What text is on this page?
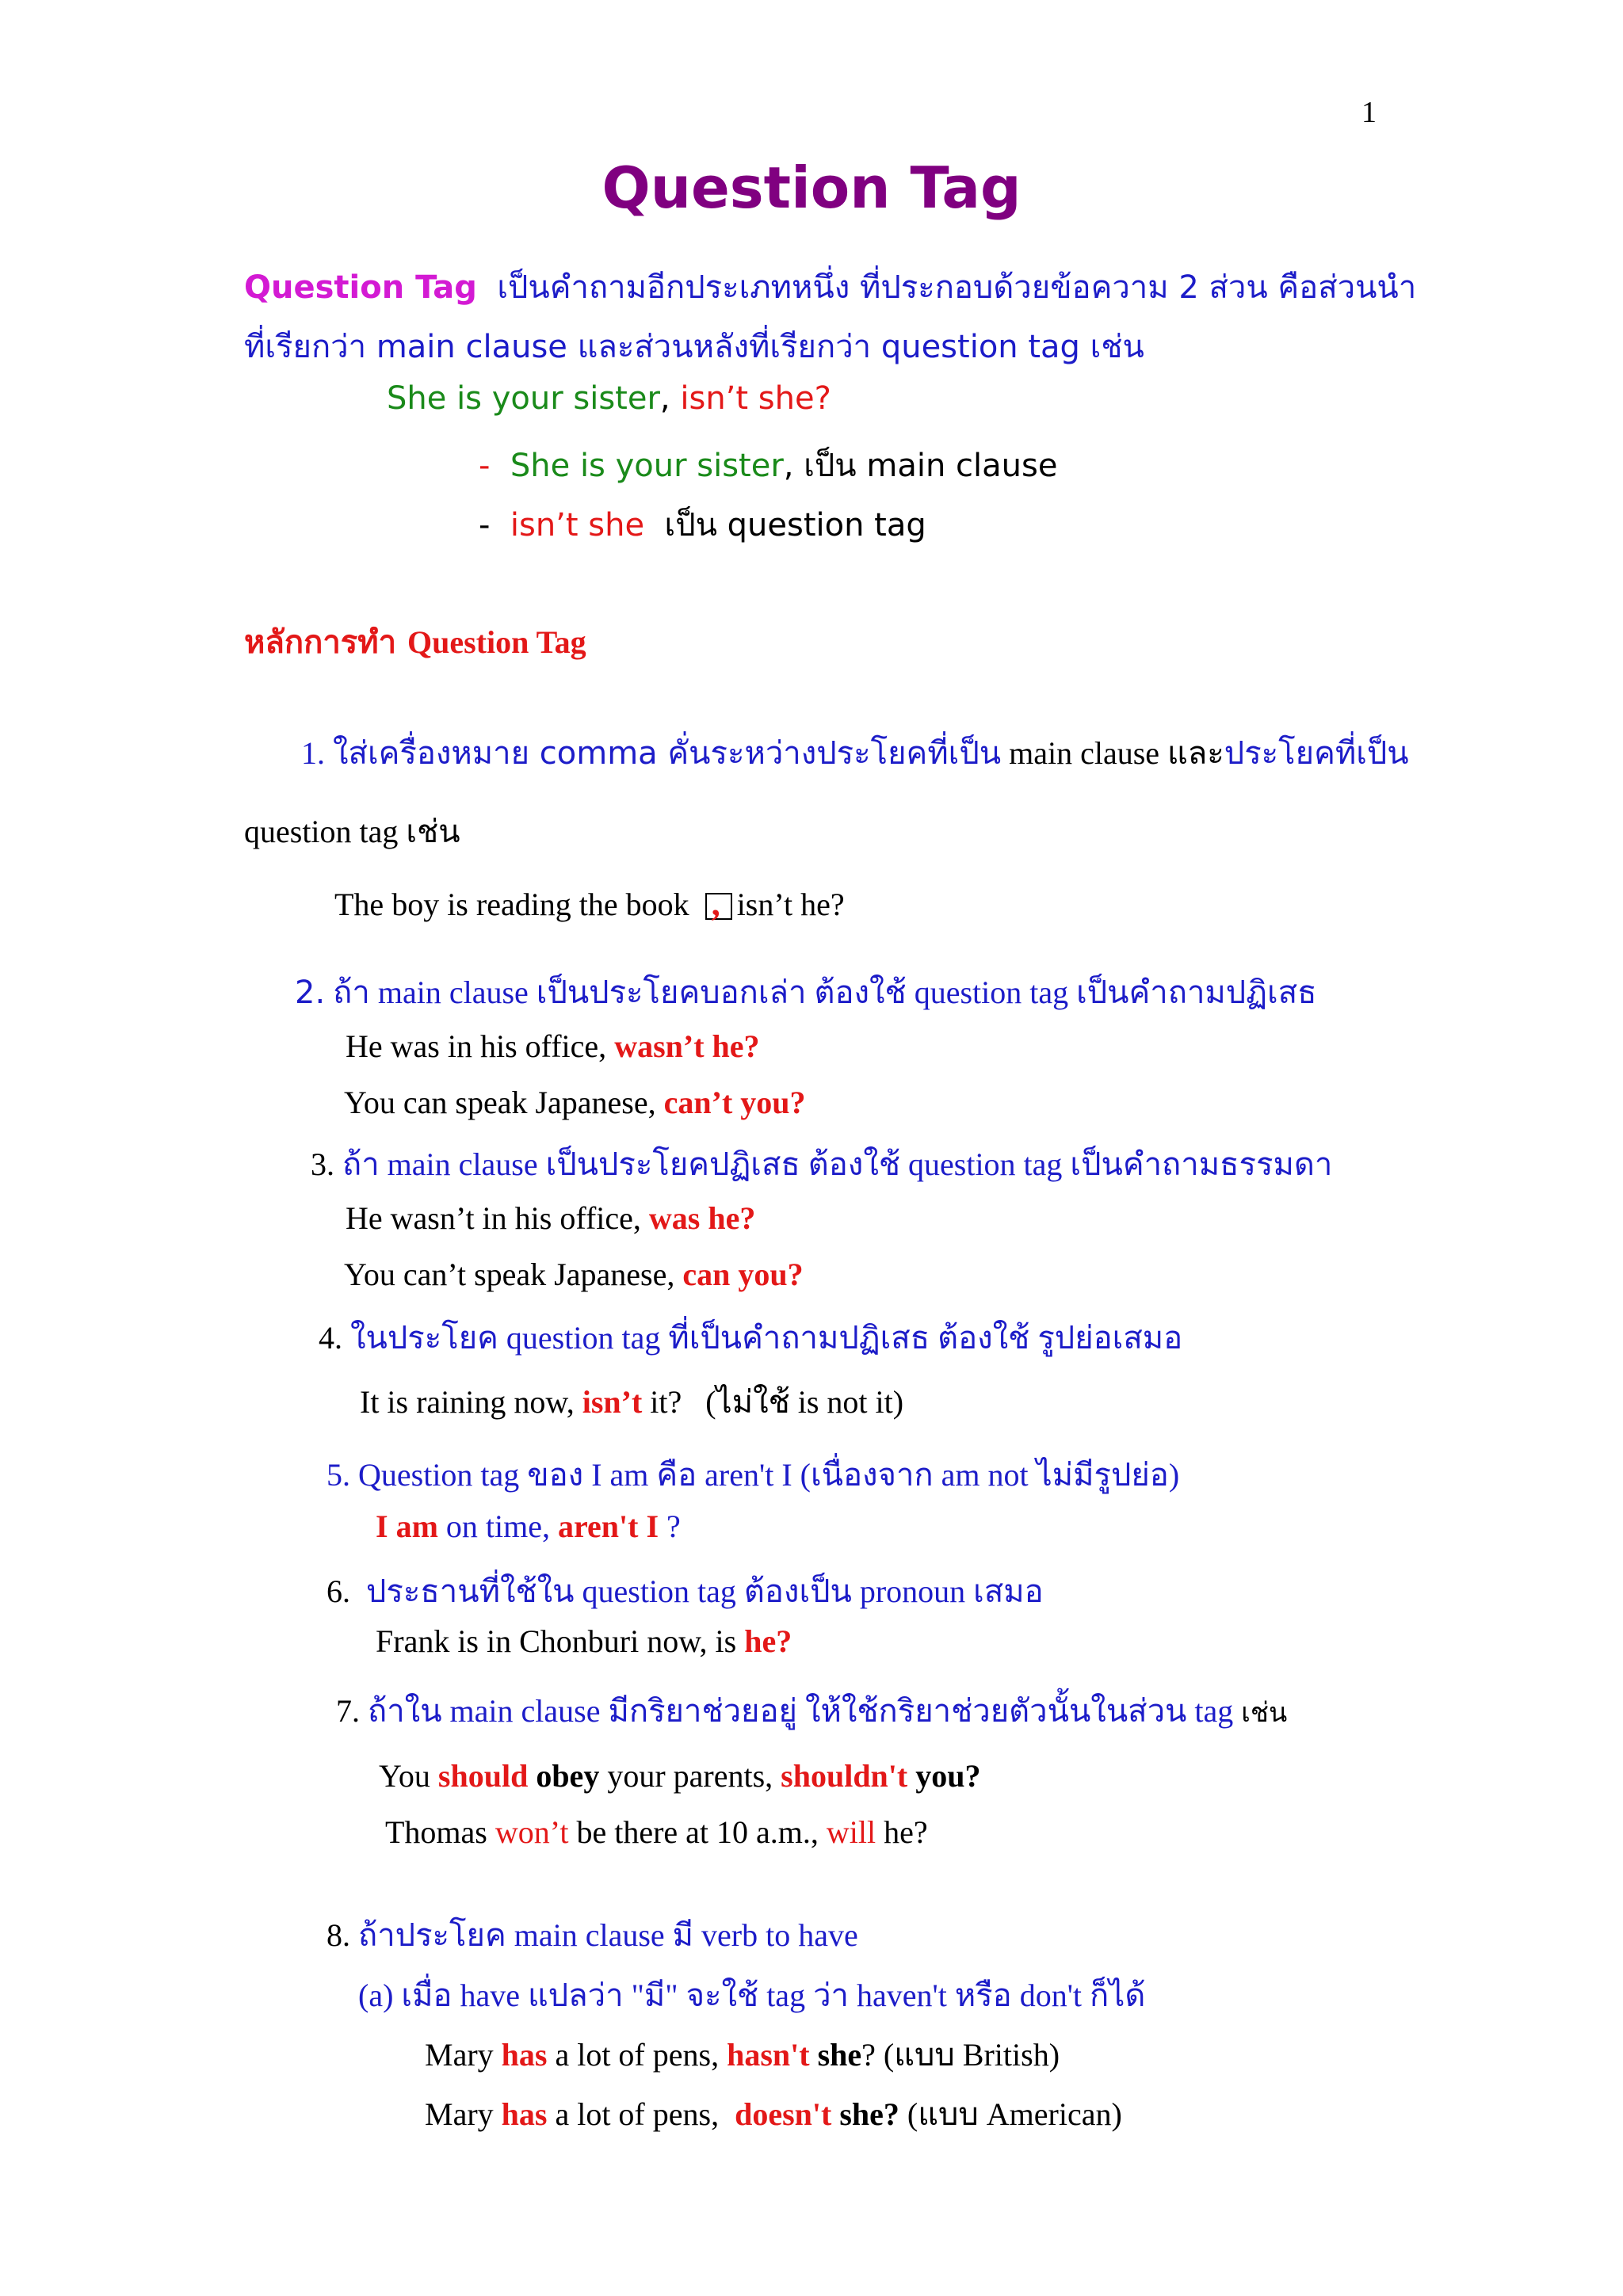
1
Question Tag
Question Tag เป็นคำถามอีกประเภทหนึ่ง ที่ประกอบด้วยข้อความ 2 ส่วน คือส่วนนำ
ที่เรียกว่า main clause และส่วนหลังที่เรียกว่า question tag เช่น
She is your sister, isn’t she?
- She is your sister, เป็น main clause
- isn’t she เป็น question tag
หลักการทำ Question Tag
1. ใส่เครื่องหมาย comma คั่นระหว่างประโยคที่เป็น main clause และประโยคที่เป็น
question tag เช่น
The boy is reading the book , isn’t he?
2. ถ้า main clause เป็นประโยคบอกเล่า ต้องใช้ question tag เป็นคำถามปฏิเสธ
He was in his office, wasn’t he?
You can speak Japanese, can’t you?
3. ถ้า main clause เป็นประโยคปฏิเสธ ต้องใช้ question tag เป็นคำถามธรรมดา
He wasn’t in his office, was he?
You can’t speak Japanese, can you?
4. ในประโยค question tag ที่เป็นคำถามปฏิเสธ ต้องใช้ รูปย่อเสมอ
It is raining now, isn’t it? (ไม่ใช้ is not it)
5. Question tag ของ I am คือ aren't I (เนื่องจาก am not ไม่มีรูปย่อ)
I am on time, aren't I ?
6. ประธานที่ใช้ใน question tag ต้องเป็น pronoun เสมอ
Frank is in Chonburi now, is he?
7. ถ้าใน main clause มีกริยาช่วยอยู่ ให้ใช้กริยาช่วยตัวนั้นในส่วน tag เช่น
You should obey your parents, shouldn't you?
Thomas won’t be there at 10 a.m., will he?
8. ถ้าประโยค main clause มี verb to have
(a) เมื่อ have แปลว่า "มี" จะใช้ tag ว่า haven't หรือ don't ก็ได้
Mary has a lot of pens, hasn't she? (แบบ British)
Mary has a lot of pens, doesn't she? (แบบ American)
